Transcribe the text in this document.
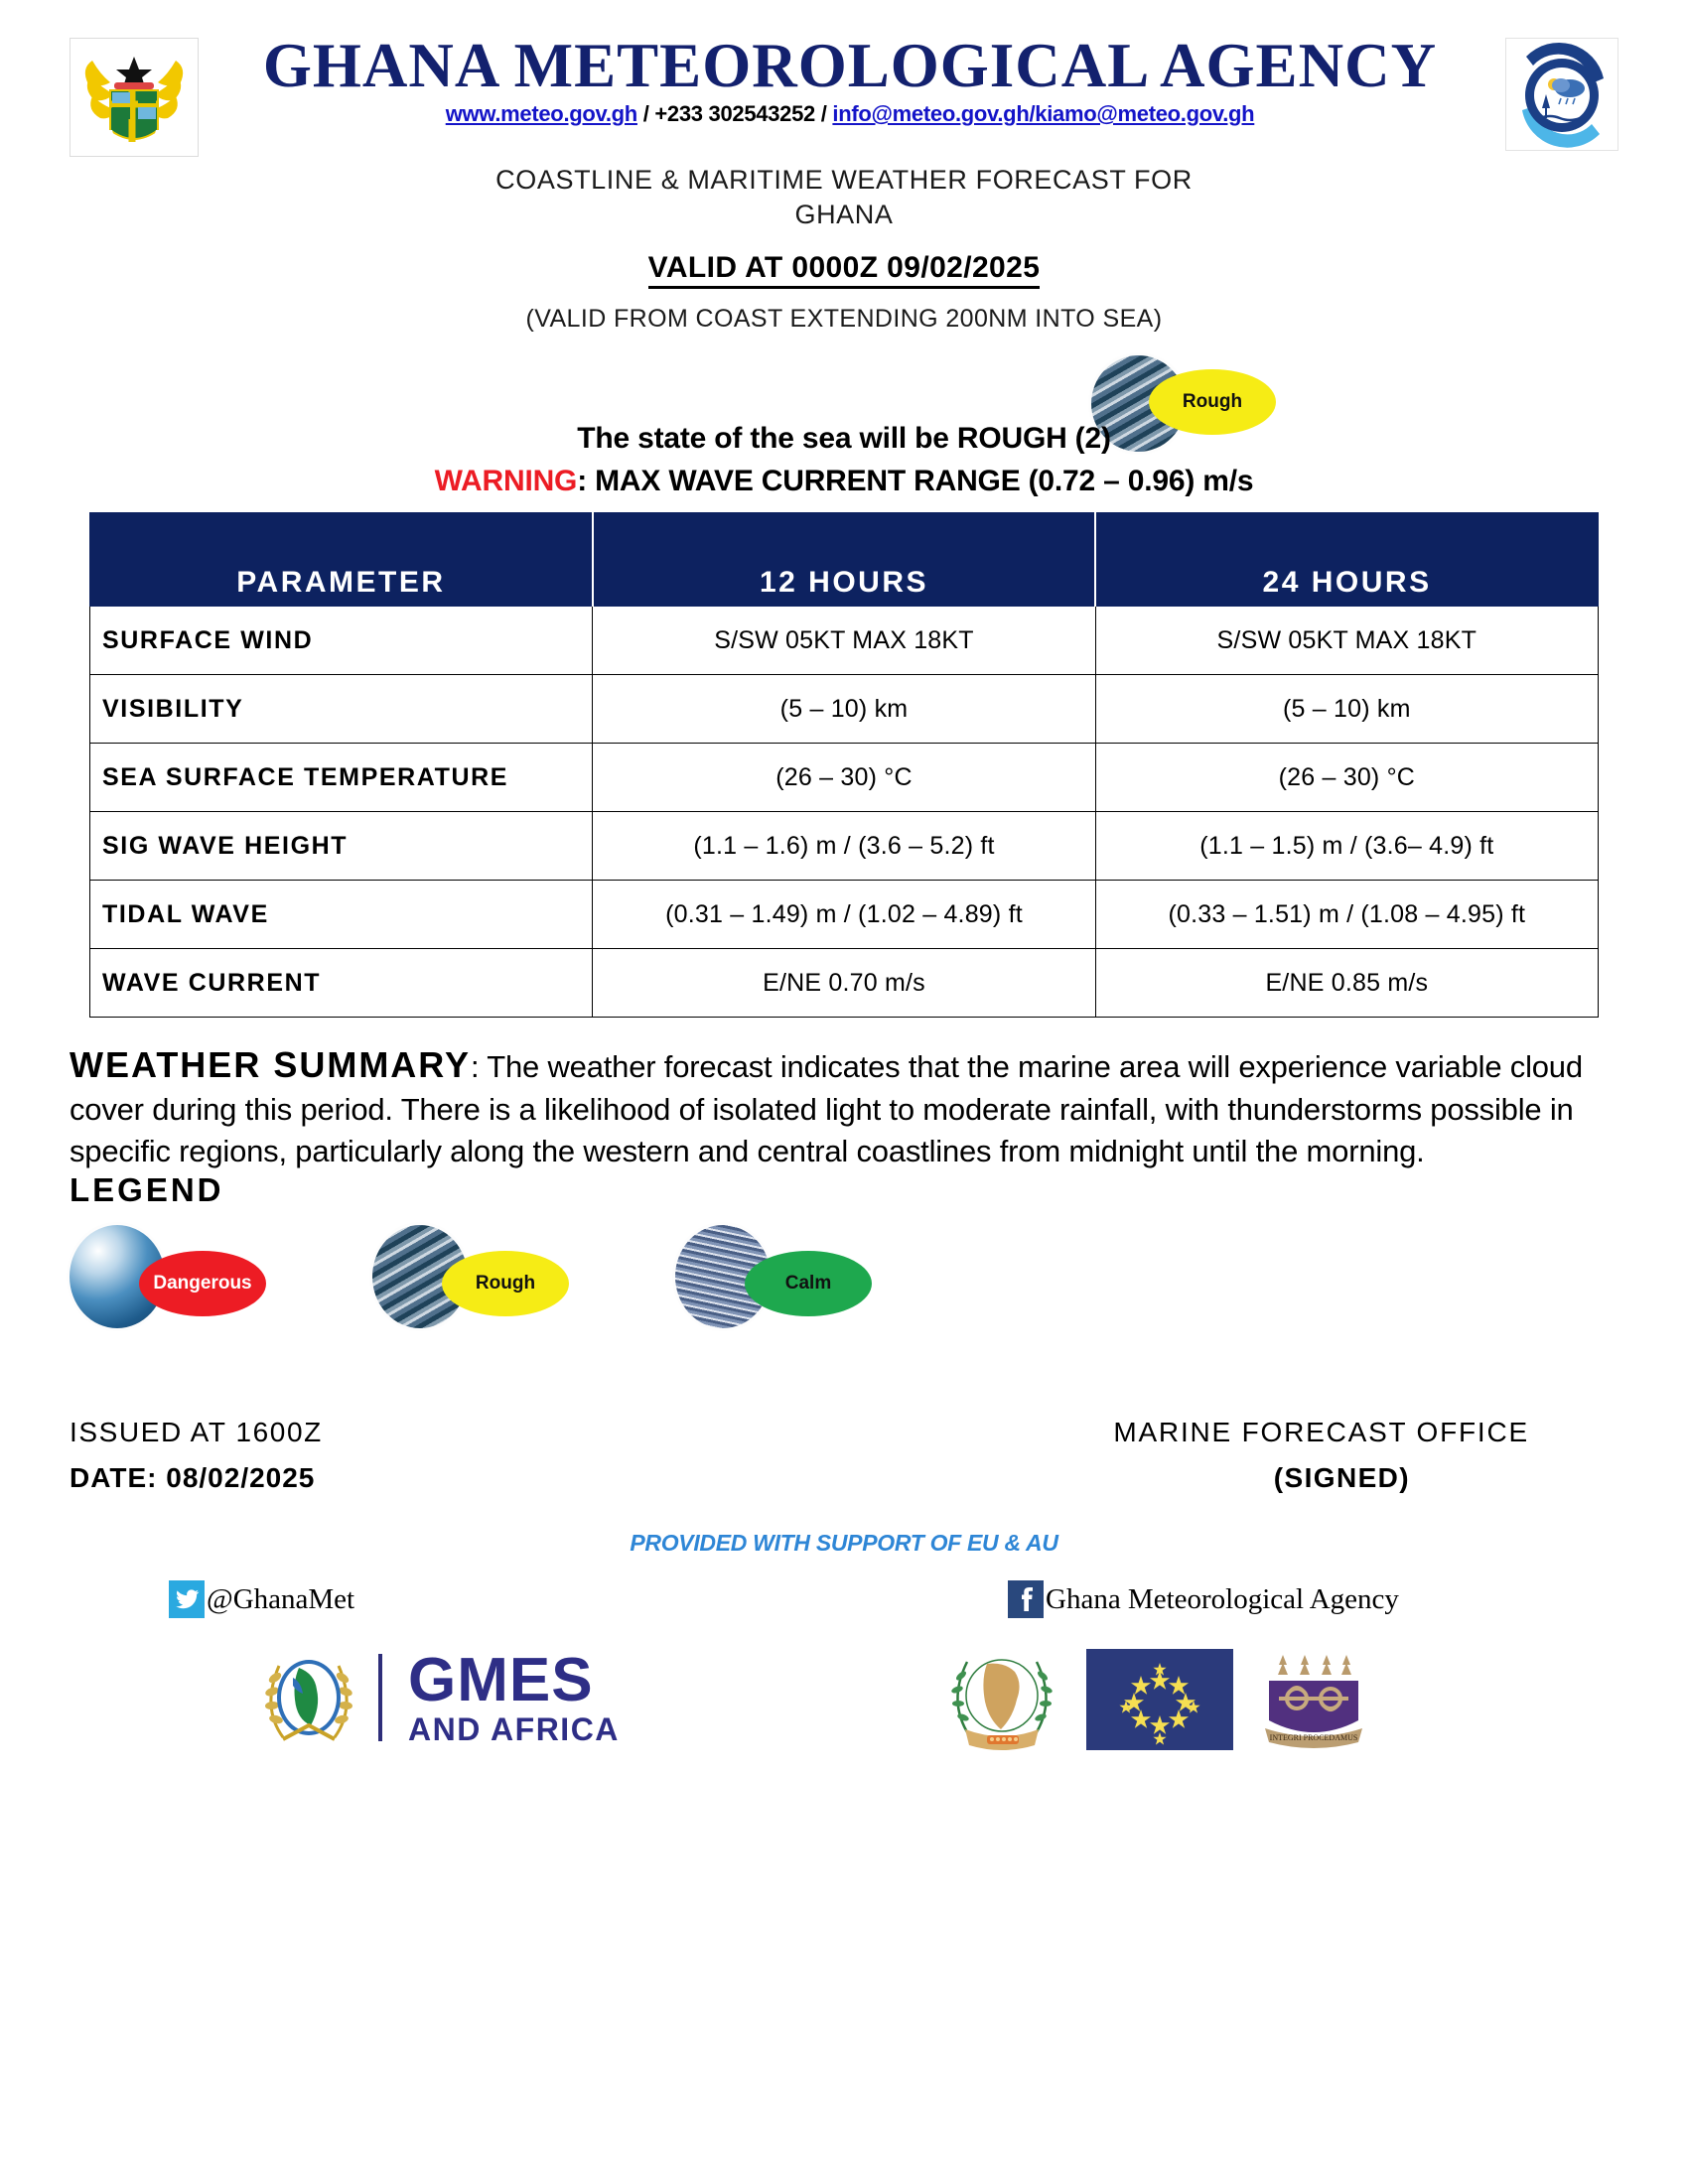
GHANA METEOROLOGICAL AGENCY
www.meteo.gov.gh / +233 302543252 / info@meteo.gov.gh/kiamo@meteo.gov.gh
COASTLINE & MARITIME WEATHER FORECAST FOR
GHANA
VALID AT 0000Z 09/02/2025
(VALID FROM COAST EXTENDING 200NM INTO SEA)
Rough
The state of the sea will be ROUGH (2)
WARNING: MAX WAVE CURRENT RANGE (0.72 – 0.96) m/s
PARAMETER	12 HOURS	24 HOURS
SURFACE WIND	S/SW 05KT MAX 18KT	S/SW 05KT MAX 18KT
VISIBILITY	(5 – 10) km	(5 – 10) km
SEA SURFACE TEMPERATURE	(26 – 30) °C	(26 – 30) °C
SIG WAVE HEIGHT	(1.1 – 1.6) m / (3.6 – 5.2) ft	(1.1 – 1.5) m / (3.6– 4.9) ft
TIDAL WAVE	(0.31 – 1.49) m / (1.02 – 4.89) ft	(0.33 – 1.51) m / (1.08 – 4.95) ft
WAVE CURRENT	E/NE 0.70 m/s	E/NE 0.85 m/s
WEATHER SUMMARY: The weather forecast indicates that the marine area will experience variable cloud cover during this period. There is a likelihood of isolated light to moderate rainfall, with thunderstorms possible in specific regions, particularly along the western and central coastlines from midnight until the morning.
LEGEND
Dangerous	Rough	Calm
ISSUED AT 1600Z
DATE: 08/02/2025
MARINE FORECAST OFFICE
(SIGNED)
PROVIDED WITH SUPPORT OF EU & AU
@GhanaMet	Ghana Meteorological Agency
GMES
AND AFRICA	INTEGRI PROCEDAMUS
